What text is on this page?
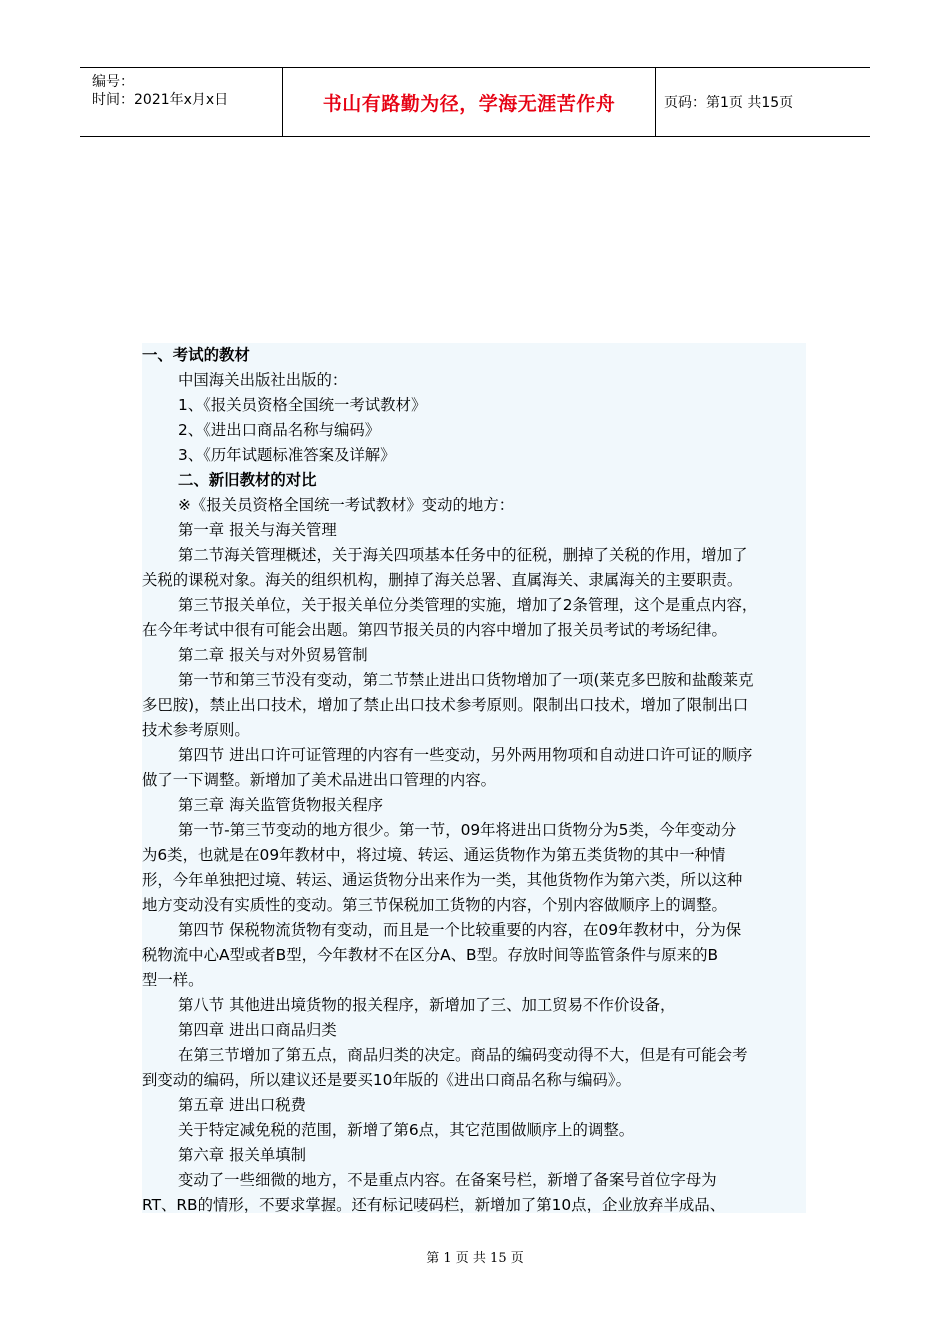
编号：
时间：2021年x月x日	书山有路勤为径，学海无涯苦作舟	页码：第1页 共15页

一、考试的教材

中国海关出版社出版的：

1、《报关员资格全国统一考试教材》

2、《进出口商品名称与编码》

3、《历年试题标准答案及详解》

二、新旧教材的对比

※《报关员资格全国统一考试教材》变动的地方：

第一章 报关与海关管理

第二节海关管理概述，关于海关四项基本任务中的征税，删掉了关税的作用，增加了

关税的课税对象。海关的组织机构，删掉了海关总署、直属海关、隶属海关的主要职责。

第三节报关单位，关于报关单位分类管理的实施，增加了2条管理，这个是重点内容，

在今年考试中很有可能会出题。第四节报关员的内容中增加了报关员考试的考场纪律。

第二章 报关与对外贸易管制

第一节和第三节没有变动，第二节禁止进出口货物增加了一项(莱克多巴胺和盐酸莱克

多巴胺)，禁止出口技术，增加了禁止出口技术参考原则。限制出口技术，增加了限制出口

技术参考原则。

第四节 进出口许可证管理的内容有一些变动，另外两用物项和自动进口许可证的顺序

做了一下调整。新增加了美术品进出口管理的内容。

第三章 海关监管货物报关程序

第一节-第三节变动的地方很少。第一节，09年将进出口货物分为5类，今年变动分

为6类，也就是在09年教材中，将过境、转运、通运货物作为第五类货物的其中一种情

形，今年单独把过境、转运、通运货物分出来作为一类，其他货物作为第六类，所以这种

地方变动没有实质性的变动。第三节保税加工货物的内容，个别内容做顺序上的调整。

第四节 保税物流货物有变动，而且是一个比较重要的内容，在09年教材中，分为保

税物流中心A型或者B型，今年教材不在区分A、B型。存放时间等监管条件与原来的B

型一样。

第八节 其他进出境货物的报关程序，新增加了三、加工贸易不作价设备，

第四章 进出口商品归类

在第三节增加了第五点，商品归类的决定。商品的编码变动得不大，但是有可能会考

到变动的编码，所以建议还是要买10年版的《进出口商品名称与编码》。

第五章 进出口税费

关于特定减免税的范围，新增了第6点，其它范围做顺序上的调整。

第六章 报关单填制

变动了一些细微的地方，不是重点内容。在备案号栏，新增了备案号首位字母为

RT、RB的情形，不要求掌握。还有标记唛码栏，新增加了第10点，企业放弃半成品、

第 1 页 共 15 页
